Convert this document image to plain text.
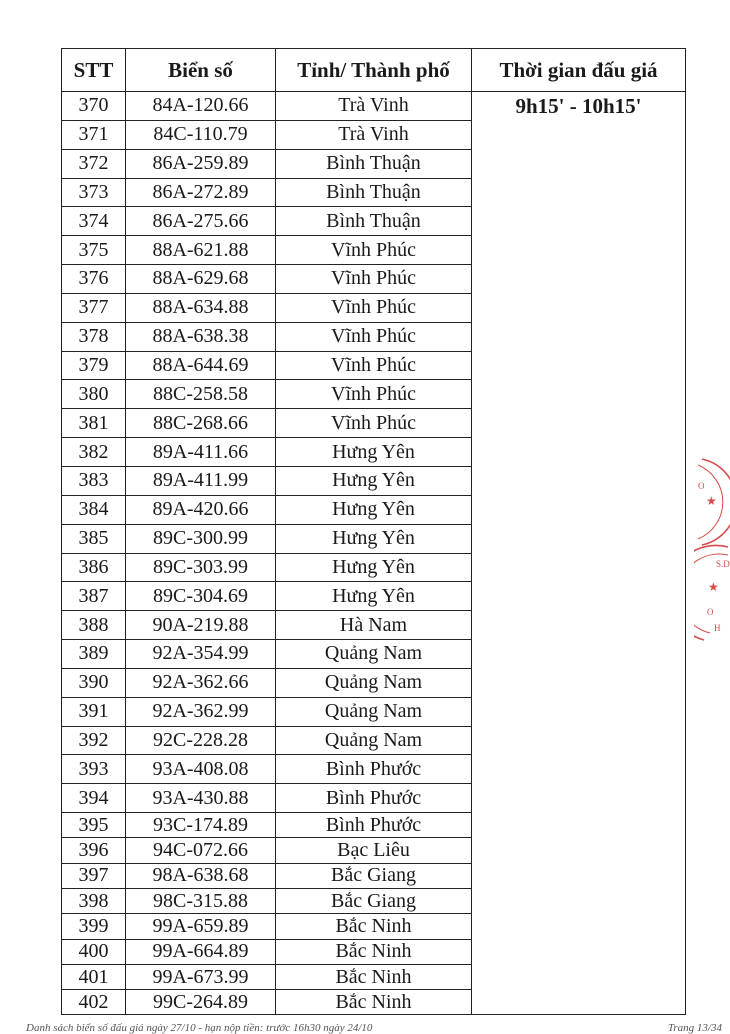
STT	Biển số	Tỉnh/ Thành phố	Thời gian đấu giá
370	84A-120.66	Trà Vinh	9h15' - 10h15'
371	84C-110.79	Trà Vinh	
372	86A-259.89	Bình Thuận	
373	86A-272.89	Bình Thuận	
374	86A-275.66	Bình Thuận	
375	88A-621.88	Vĩnh Phúc	
376	88A-629.68	Vĩnh Phúc	
377	88A-634.88	Vĩnh Phúc	
378	88A-638.38	Vĩnh Phúc	
379	88A-644.69	Vĩnh Phúc	
380	88C-258.58	Vĩnh Phúc	
381	88C-268.66	Vĩnh Phúc	
382	89A-411.66	Hưng Yên	
383	89A-411.99	Hưng Yên	
384	89A-420.66	Hưng Yên	
385	89C-300.99	Hưng Yên	
386	89C-303.99	Hưng Yên	
387	89C-304.69	Hưng Yên	
388	90A-219.88	Hà Nam	
389	92A-354.99	Quảng Nam	
390	92A-362.66	Quảng Nam	
391	92A-362.99	Quảng Nam	
392	92C-228.28	Quảng Nam	
393	93A-408.08	Bình Phước	
394	93A-430.88	Bình Phước	
395	93C-174.89	Bình Phước	
396	94C-072.66	Bạc Liêu	
397	98A-638.68	Bắc Giang	
398	98C-315.88	Bắc Giang	
399	99A-659.89	Bắc Ninh	
400	99A-664.89	Bắc Ninh	
401	99A-673.99	Bắc Ninh	
402	99C-264.89	Bắc Ninh	
★
O
S.D
★
O
H
Danh sách biển số đấu giá ngày 27/10 - hạn nộp tiền: trước 16h30 ngày 24/10	Trang 13/34
